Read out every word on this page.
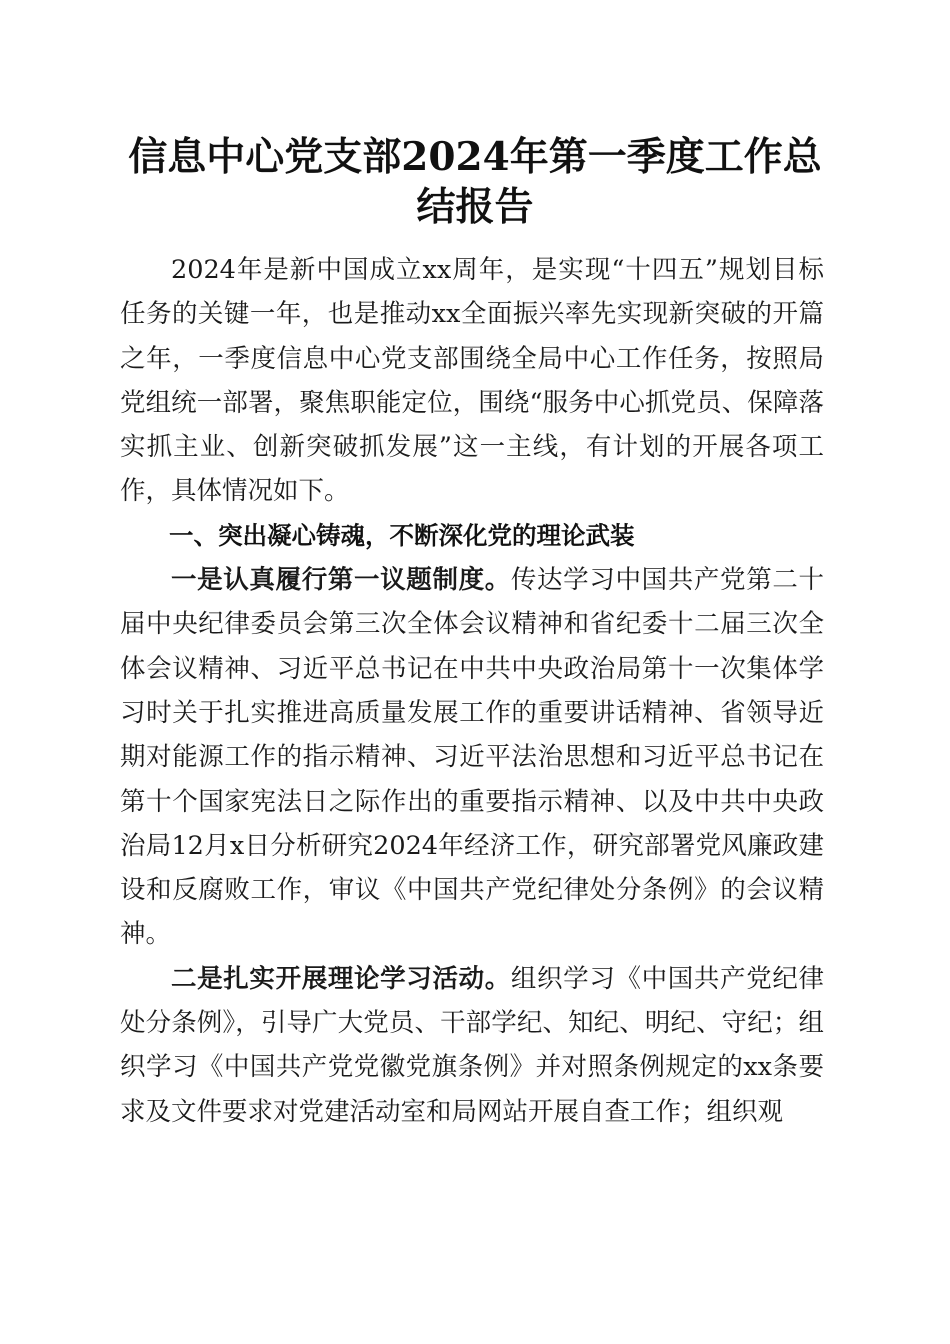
信息中心党支部2024年第一季度工作总结报告

2024年是新中国成立xx周年，是实现“十四五”规划目标任务的关键一年，也是推动xx全面振兴率先实现新突破的开篇之年，一季度信息中心党支部围绕全局中心工作任务，按照局党组统一部署，聚焦职能定位，围绕“服务中心抓党员、保障落实抓主业、创新突破抓发展”这一主线，有计划的开展各项工作，具体情况如下。

一、突出凝心铸魂，不断深化党的理论武装

一是认真履行第一议题制度。传达学习中国共产党第二十届中央纪律委员会第三次全体会议精神和省纪委十二届三次全体会议精神、习近平总书记在中共中央政治局第十一次集体学习时关于扎实推进高质量发展工作的重要讲话精神、省领导近期对能源工作的指示精神、习近平法治思想和习近平总书记在第十个国家宪法日之际作出的重要指示精神、以及中共中央政治局12月x日分析研究2024年经济工作，研究部署党风廉政建设和反腐败工作，审议《中国共产党纪律处分条例》的会议精神。

二是扎实开展理论学习活动。组织学习《中国共产党纪律处分条例》，引导广大党员、干部学纪、知纪、明纪、守纪；组织学习《中国共产党党徽党旗条例》并对照条例规定的xx条要求及文件要求对党建活动室和局网站开展自查工作；组织观
